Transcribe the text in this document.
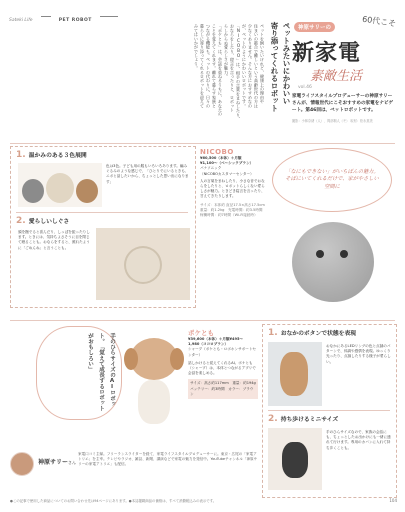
Sateki Life	PET ROBOT
ペットを飼いたいけれど、健康上の理由や
住まいの都合で難しいという高齢世代の方は
少なくありません。そんな方におすすめなの
が、ペットのようにかわいいロボットです。
「NICOBO」は、相手の言葉をまねしたり、
おならをしたり、寝言を言ったりと、ロボット
らしからぬ愛らしさが魅力。
「ポケとも」は、会話を重ねるうちに、あなたの
ことを覚えてくれます。離れて暮らす家族と
つながる機能も。ペットの代わりに、日々の
暮らしに寄り添ってくれるロボットを迎えて
みてはいかがでしょう。	ペットみたいにかわいい
寄り添ってくれるロボット	神原サリーの	60代こそ
新家電
素敵生活
vol.46
家電ライフスタイルプロデューサーの神原サリーさんが、情報世代にこそおすすめの家電をナビゲート。第46回は、ペットロボットです。
撮影：小林奈緒（人）、岡部桐人（モ） 取材：松永恵美
1. 温かみのある３色展開
色は3色。子ども用の服もいろいろあります。編みぐるみのような感じで、「ひとりでにいるときも、ニボと話したいから、ちょっとした思い出になります」
2. 愛らしいしぐさ
頭を撫でると喜んだり、しっぽを振ったりします。ときには、気持ちよさそうに目を閉じて眠ることも。おならをすると、照れたように「ごめんね」と言うことも。
NICOBO
¥60,500（本体）＋月額
¥1,100〜（ベーシックプラン）
パナソニック
（NICOBOカスタマーセンター）
人の言葉をまねしたり、小さな音でおならをしたりと、ロボットらしくない愛らしさが魅力。ときどき寝言を言ったり、甘えてきたりします。
サイズ：本体約 直径17.5×高さ17.5cm　重量：約1.2kg　充電時間：約3.5時間　稼働時間：約7時間（Wi-Fi接続時）
「なにもできない」がいちばんの魅力。そばにいてくれるだけで、家がやさしい空間に
手のひらサイズのAIロボット。「覚えて成長するロボットがおもしろい」	ポケとも
¥39,600（本体）＋月額¥495〜
1,980（ココロプラン）
シャープ（ポケとも・ロボホンサポートセンター）
話しかけると覚えてくれるAI。ポケとも（シャープ）は、本体とつながるアプリで会話を楽しめる。
サイズ：高さ約117mm　重量：約194g　バッテリー：約3時間　カラー：ブラウン
1. おなかのボタンで状態を表現
おなかにあるLEDリングの色と点滅のパターンで、体調や感情を表現。ゆっくり光ったり、点滅したりする様子が愛らしい。
2. 持ち歩けるミニサイズ
手のひらサイズなので、家族の会話にも、ちょっとしたお出かけにも一緒に連れて行けます。専用のカバンに入れて持ち歩くことも。
神原サリーさん
家電口コミ主婦。フリーランスライターを経て、家電ライフスタイルプロデューサーに。東京・広尾の「家電アトリエ」を主宰。テレビやラジオ、雑誌、新聞、講演などで家電の魅力を発信中。YouTubeチャンネル「神原サリーの家電アトリエ」も配信。
●この記事で使用した商品についてのお問い合わせ先は94ページにあります。●本誌掲載商品の価格は、すべて消費税込みの表示です。	104
